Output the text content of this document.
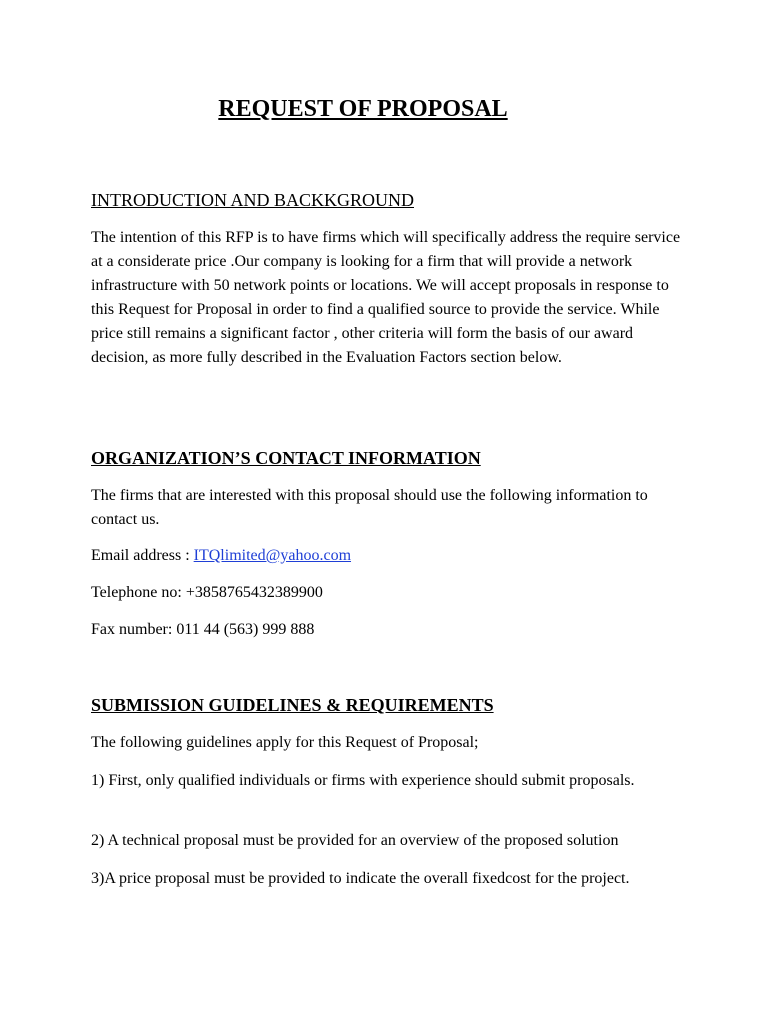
REQUEST OF PROPOSAL
INTRODUCTION AND BACKKGROUND

The intention of this RFP is to have firms which will specifically address the require service at a considerate price .Our company is looking for a firm that will provide a network infrastructure with 50 network points or locations. We will accept proposals in response to this Request for Proposal in order to find a qualified source to provide the service. While price still remains a significant factor , other criteria will form the basis of our award decision, as more fully described in the Evaluation Factors section below.

ORGANIZATION’S CONTACT INFORMATION

The firms that are interested with this proposal should use the following information to contact us.

Email address : ITQlimited@yahoo.com

Telephone no: +3858765432389900

Fax number: 011 44 (563) 999 888

SUBMISSION GUIDELINES & REQUIREMENTS

The following guidelines apply for this Request of Proposal;

1) First, only qualified individuals or firms with experience should submit proposals.

2) A technical proposal must be provided for an overview of the proposed solution

3)A price proposal must be provided to indicate the overall fixedcost for the project.
